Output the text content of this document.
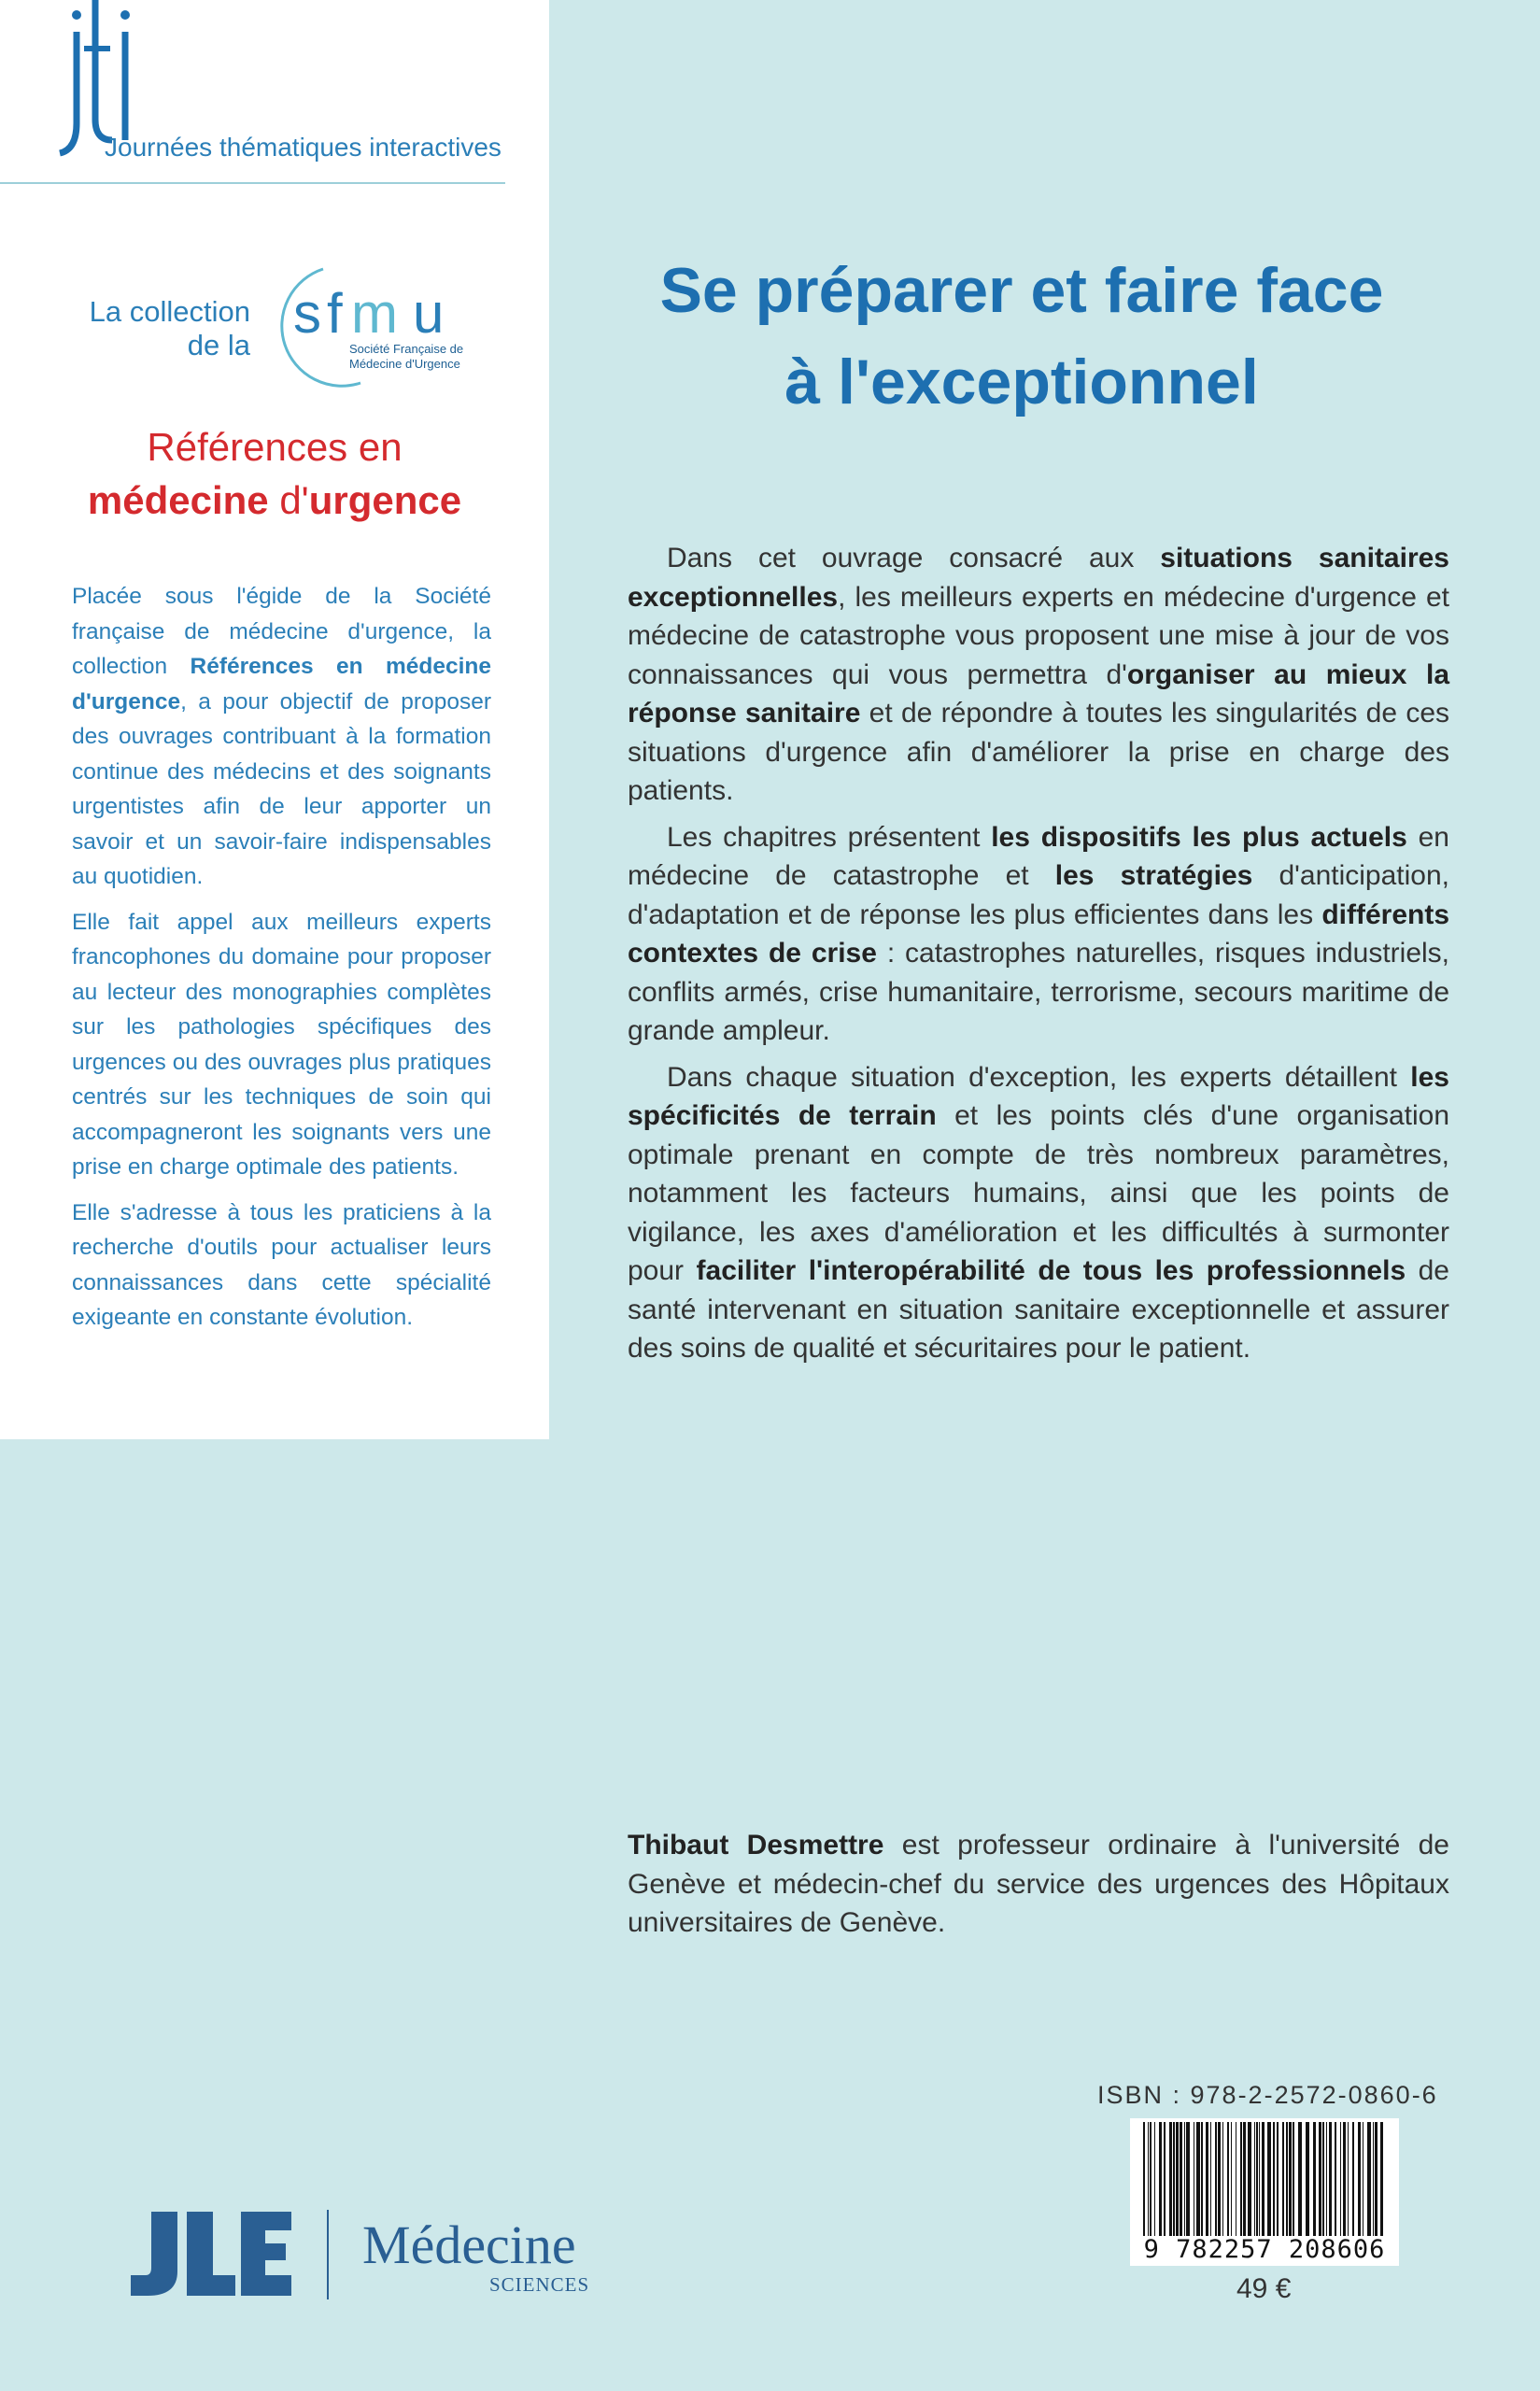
Journées thématiques interactives
La collection
de la
s f m u
Société Française de
Médecine d'Urgence
Références en
médecine d'urgence

Placée sous l'égide de la Société française de médecine d'urgence, la collection Références en médecine d'urgence, a pour objectif de proposer des ouvrages contribuant à la formation continue des médecins et des soignants urgentistes afin de leur apporter un savoir et un savoir-faire indispensables au quotidien.

Elle fait appel aux meilleurs experts francophones du domaine pour proposer au lecteur des monographies complètes sur les pathologies spécifiques des urgences ou des ouvrages plus pratiques centrés sur les techniques de soin qui accompagneront les soignants vers une prise en charge optimale des patients.

Elle s'adresse à tous les praticiens à la recherche d'outils pour actualiser leurs connaissances dans cette spécialité exigeante en constante évolution.

Se préparer et faire face
à l'exceptionnel

Dans cet ouvrage consacré aux situations sanitaires exceptionnelles, les meilleurs experts en médecine d'urgence et médecine de catastrophe vous proposent une mise à jour de vos connaissances qui vous permettra d'organiser au mieux la réponse sanitaire et de répondre à toutes les singularités de ces situations d'urgence afin d'améliorer la prise en charge des patients.

Les chapitres présentent les dispositifs les plus actuels en médecine de catastrophe et les stratégies d'anticipation, d'adaptation et de réponse les plus efficientes dans les différents contextes de crise : catastrophes naturelles, risques industriels, conflits armés, crise humanitaire, terrorisme, secours maritime de grande ampleur.

Dans chaque situation d'exception, les experts détaillent les spécificités de terrain et les points clés d'une organisation optimale prenant en compte de très nombreux paramètres, notamment les facteurs humains, ainsi que les points de vigilance, les axes d'amélioration et les difficultés à surmonter pour faciliter l'interopérabilité de tous les professionnels de santé intervenant en situation sanitaire exceptionnelle et assurer des soins de qualité et sécuritaires pour le patient.

Thibaut Desmettre est professeur ordinaire à l'université de Genève et médecin-chef du service des urgences des Hôpitaux universitaires de Genève.
ISBN : 978-2-2572-0860-6
9 782257 208606
49 €
Médecine
SCIENCES
